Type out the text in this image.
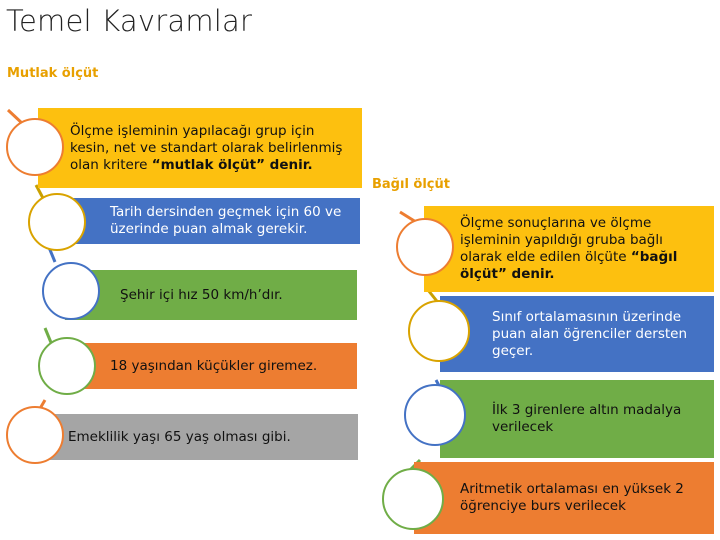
Temel Kavramlar
Mutlak ölçüt
Bağıl ölçüt
Ölçme işleminin yapılacağı grup için kesin, net ve standart olarak belirlenmiş olan kritere “mutlak ölçüt” denir.
Tarih dersinden geçmek için 60 ve üzerinde puan almak gerekir.
Şehir içi hız 50 km/h’dır.
18 yaşından küçükler giremez.
Emeklilik yaşı 65 yaş olması gibi.
Ölçme sonuçlarına ve ölçme işleminin yapıldığı gruba bağlı olarak elde edilen ölçüte “bağıl ölçüt” denir.
Sınıf ortalamasının üzerinde puan alan öğrenciler dersten geçer.
İlk 3 girenlere altın madalya verilecek
Aritmetik ortalaması en yüksek 2 öğrenciye burs verilecek
